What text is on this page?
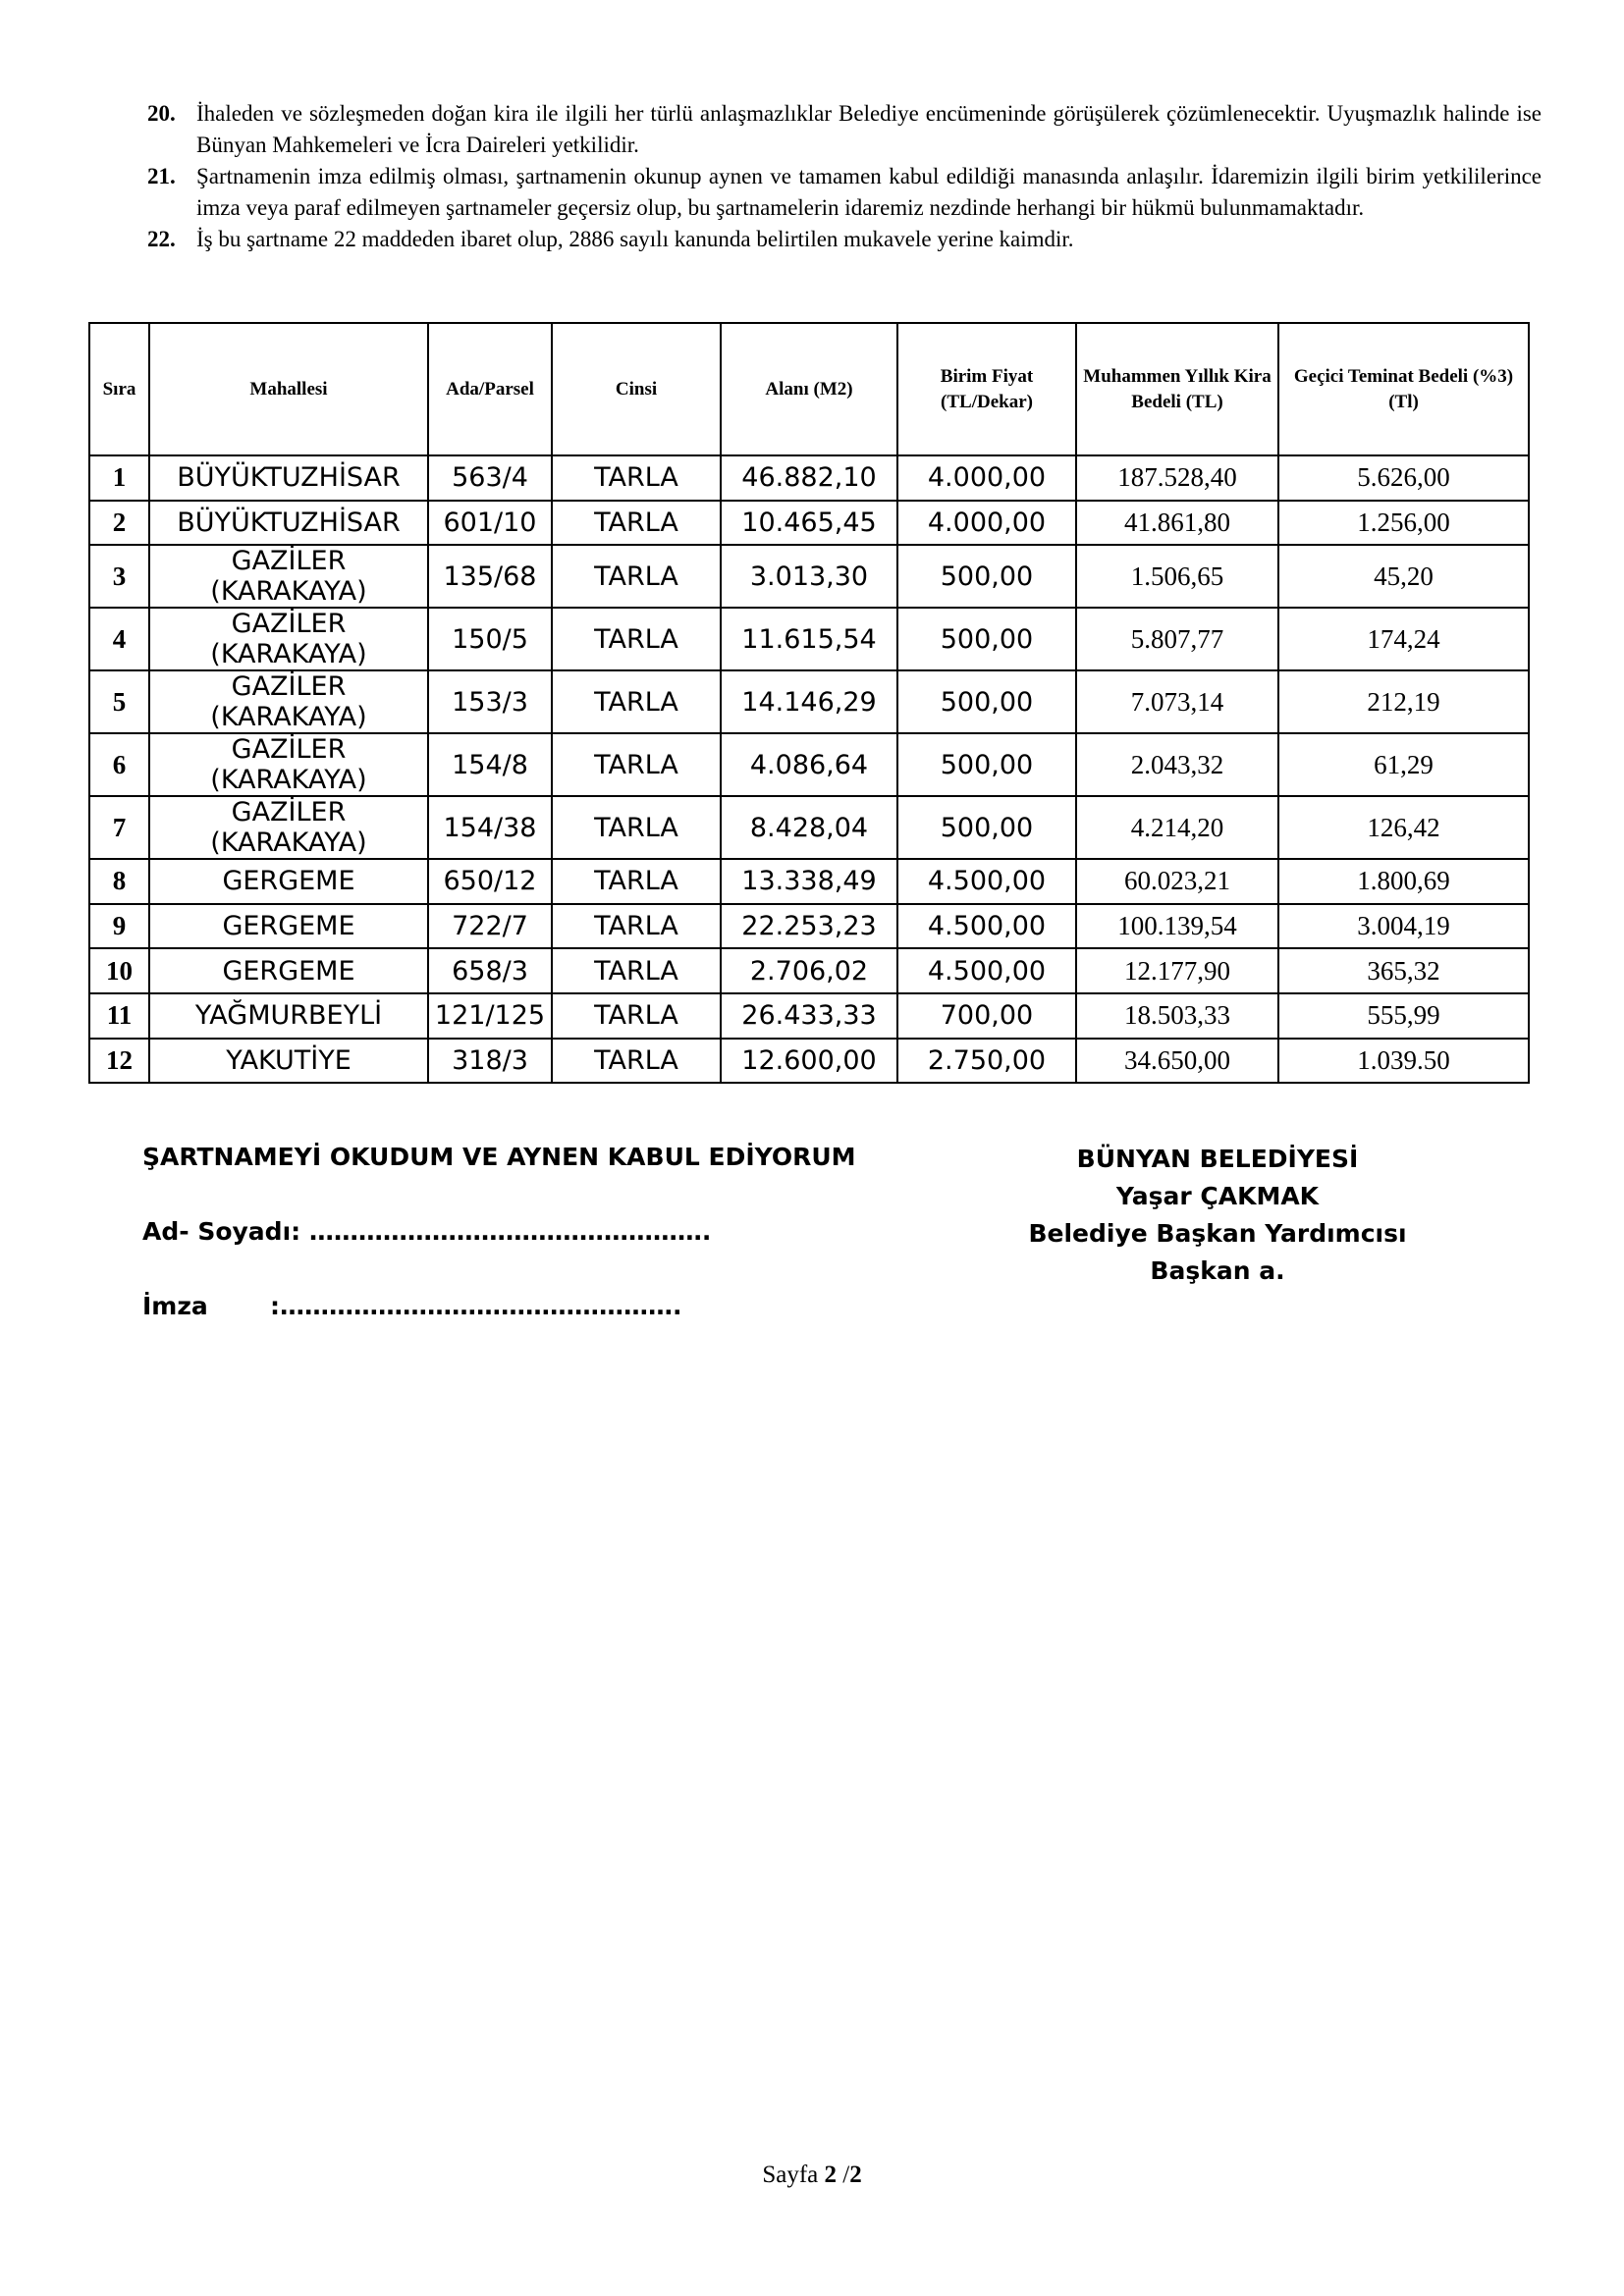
20. İhaleden ve sözleşmeden doğan kira ile ilgili her türlü anlaşmazlıklar Belediye encümeninde görüşülerek çözümlenecektir. Uyuşmazlık halinde ise Bünyan Mahkemeleri ve İcra Daireleri yetkilidir.
21. Şartnamenin imza edilmiş olması, şartnamenin okunup aynen ve tamamen kabul edildiği manasında anlaşılır. İdaremizin ilgili birim yetkililerince imza veya paraf edilmeyen şartnameler geçersiz olup, bu şartnamelerin idaremiz nezdinde herhangi bir hükmü bulunmamaktadır.
22. İş bu şartname 22 maddeden ibaret olup, 2886 sayılı kanunda belirtilen mukavele yerine kaimdir.
Sıra	Mahallesi	Ada/Parsel	Cinsi	Alanı (M2)	Birim Fiyat (TL/Dekar)	Muhammen Yıllık Kira Bedeli (TL)	Geçici Teminat Bedeli (%3) (Tl)
1	BÜYÜKTUZHİSAR	563/4	TARLA	46.882,10	4.000,00	187.528,40	5.626,00
2	BÜYÜKTUZHİSAR	601/10	TARLA	10.465,45	4.000,00	41.861,80	1.256,00
3	GAZİLER (KARAKAYA)	135/68	TARLA	3.013,30	500,00	1.506,65	45,20
4	GAZİLER (KARAKAYA)	150/5	TARLA	11.615,54	500,00	5.807,77	174,24
5	GAZİLER (KARAKAYA)	153/3	TARLA	14.146,29	500,00	7.073,14	212,19
6	GAZİLER (KARAKAYA)	154/8	TARLA	4.086,64	500,00	2.043,32	61,29
7	GAZİLER (KARAKAYA)	154/38	TARLA	8.428,04	500,00	4.214,20	126,42
8	GERGEME	650/12	TARLA	13.338,49	4.500,00	60.023,21	1.800,69
9	GERGEME	722/7	TARLA	22.253,23	4.500,00	100.139,54	3.004,19
10	GERGEME	658/3	TARLA	2.706,02	4.500,00	12.177,90	365,32
11	YAĞMURBEYLİ	121/125	TARLA	26.433,33	700,00	18.503,33	555,99
12	YAKUTİYE	318/3	TARLA	12.600,00	2.750,00	34.650,00	1.039.50
ŞARTNAMEYİ OKUDUM VE AYNEN KABUL EDİYORUM
Ad- Soyadı: ………………………………………….
İmza	:………………………………………….
BÜNYAN BELEDİYESİ
Yaşar ÇAKMAK
Belediye Başkan Yardımcısı
Başkan a.
Sayfa 2 /2
